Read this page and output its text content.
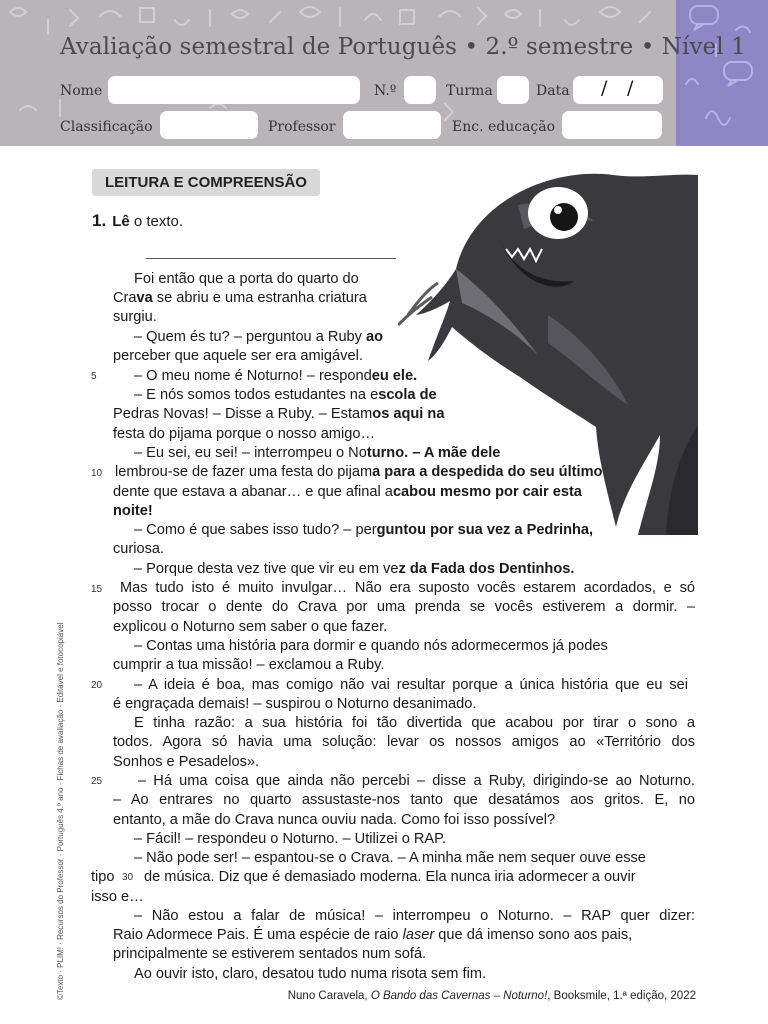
Avaliação semestral de Português • 2.º semestre • Nível 1
Nome	N.º	Turma	Data / /
Classificação	Professor	Enc. educação
LEITURA E COMPREENSÃO
1. Lê o texto.
Foi então que a porta do quarto do
Crava se abriu e uma estranha criatura
surgiu.
– Quem és tu? – perguntou a Ruby ao
perceber que aquele ser era amigável.
5	– O meu nome é Noturno! – respondeu ele.
– E nós somos todos estudantes na escola de
Pedras Novas! – Disse a Ruby. – Estamos aqui na
festa do pijama porque o nosso amigo…
– Eu sei, eu sei! – interrompeu o Noturno. – A mãe dele
10 lembrou-se de fazer uma festa do pijama para a despedida do seu último
dente que estava a abanar… e que afinal acabou mesmo por cair esta
noite!
– Como é que sabes isso tudo? – perguntou por sua vez a Pedrinha,
curiosa.
– Porque desta vez tive que vir eu em vez da Fada dos Dentinhos.
15 Mas tudo isto é muito invulgar… Não era suposto vocês estarem acordados, e só
posso trocar o dente do Crava por uma prenda se vocês estiverem a dormir. –
explicou o Noturno sem saber o que fazer.
– Contas uma história para dormir e quando nós adormecermos já podes
cumprir a tua missão! – exclamou a Ruby.
20 – A ideia é boa, mas comigo não vai resultar porque a única história que eu sei
é engraçada demais! – suspirou o Noturno desanimado.
E tinha razão: a sua história foi tão divertida que acabou por tirar o sono a
todos. Agora só havia uma solução: levar os nossos amigos ao «Território dos
Sonhos e Pesadelos».
25 – Há uma coisa que ainda não percebi – disse a Ruby, dirigindo-se ao Noturno.
– Ao entrares no quarto assustaste-nos tanto que desatámos aos gritos. E, no
entanto, a mãe do Crava nunca ouviu nada. Como foi isso possível?
– Fácil! – respondeu o Noturno. – Utilizei o RAP.
– Não pode ser! – espantou-se o Crava. – A minha mãe nem sequer ouve esse
tipo 30 de música. Diz que é demasiado moderna. Ela nunca iria adormecer a ouvir
isso e…
– Não estou a falar de música! – interrompeu o Noturno. – RAP quer dizer:
Raio Adormece Pais. É uma espécie de raio laser que dá imenso sono aos pais,
principalmente se estiverem sentados num sofá.
Ao ouvir isto, claro, desatou tudo numa risota sem fim.
Nuno Caravela, O Bando das Cavernas – Noturno!, Booksmile, 1.ª edição, 2022
©Texto · PLIM! · Recursos do Professor · Português 4.º ano · Fichas de avaliação · Editável e fotocopiável
